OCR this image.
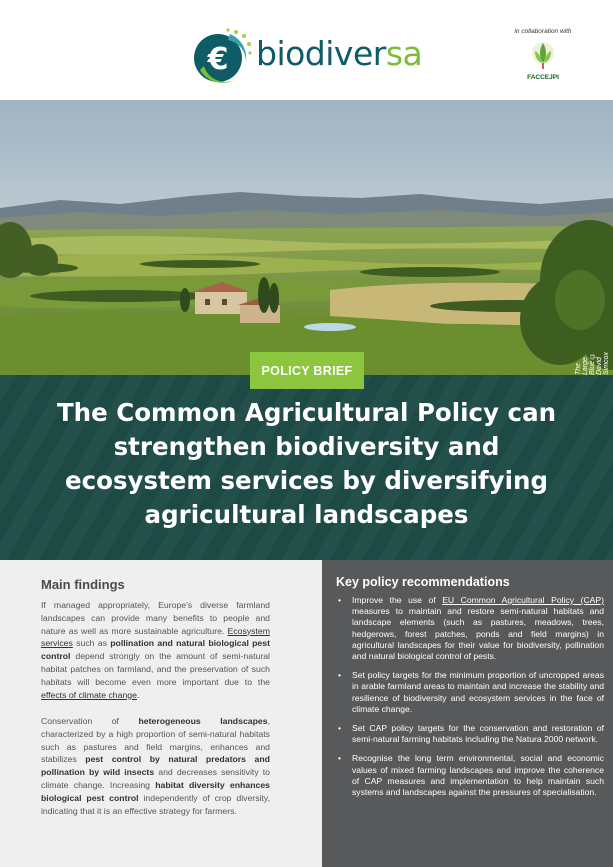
€ biodiversa
in collaboration with
FACCEJPI
The Large Blue © David Simcox
POLICY BRIEF
The Common Agricultural Policy can strengthen biodiversity and ecosystem services by diversifying agricultural landscapes
Main findings

If managed appropriately, Europe's diverse farmland landscapes can provide many benefits to people and nature as well as more sustainable agriculture. Ecosystem services such as pollination and natural biological pest control depend strongly on the amount of semi-natural habitat patches on farmland, and the preservation of such habitats will become even more important due to the effects of climate change.

Conservation of heterogeneous landscapes, characterized by a high proportion of semi-natural habitats such as pastures and field margins, enhances and stabilizes pest control by natural predators and pollination by wild insects and decreases sensitivity to climate change. Increasing habitat diversity enhances biological pest control independently of crop diversity, indicating that it is an effective strategy for farmers.

Key policy recommendations
• Improve the use of EU Common Agricultural Policy (CAP) measures to maintain and restore semi-natural habitats and landscape elements (such as pastures, meadows, trees, hedgerows, forest patches, ponds and field margins) in agricultural landscapes for their value for biodiversity, pollination and natural biological control of pests.
• Set policy targets for the minimum proportion of uncropped areas in arable farmland areas to maintain and increase the stability and resilience of biodiversity and ecosystem services in the face of climate change.
• Set CAP policy targets for the conservation and restoration of semi-natural farming habitats including the Natura 2000 network.
• Recognise the long term environmental, social and economic values of mixed farming landscapes and improve the coherence of CAP measures and implementation to help maintain such systems and landscapes against the pressures of specialisation.
